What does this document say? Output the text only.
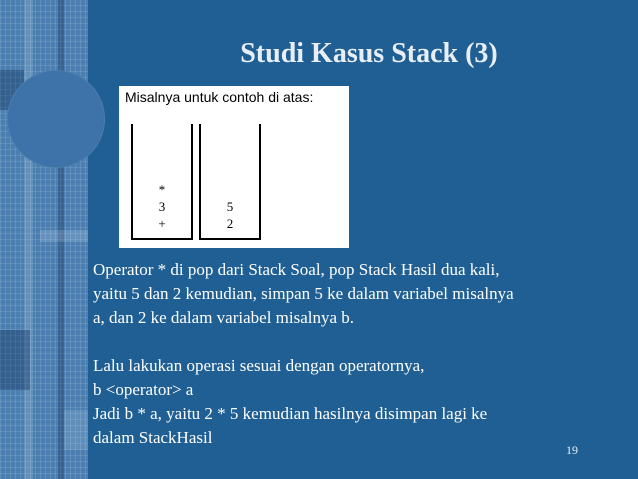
Studi Kasus Stack (3)
Misalnya untuk contoh di atas:
*
3
+
5
2

Operator * di pop dari Stack Soal, pop Stack Hasil dua kali,

yaitu 5 dan 2 kemudian, simpan 5 ke dalam variabel misalnya

a, dan 2 ke dalam variabel misalnya b.

Lalu lakukan operasi sesuai dengan operatornya,

b <operator> a

Jadi b * a, yaitu 2 * 5 kemudian hasilnya disimpan lagi ke

dalam StackHasil

19
